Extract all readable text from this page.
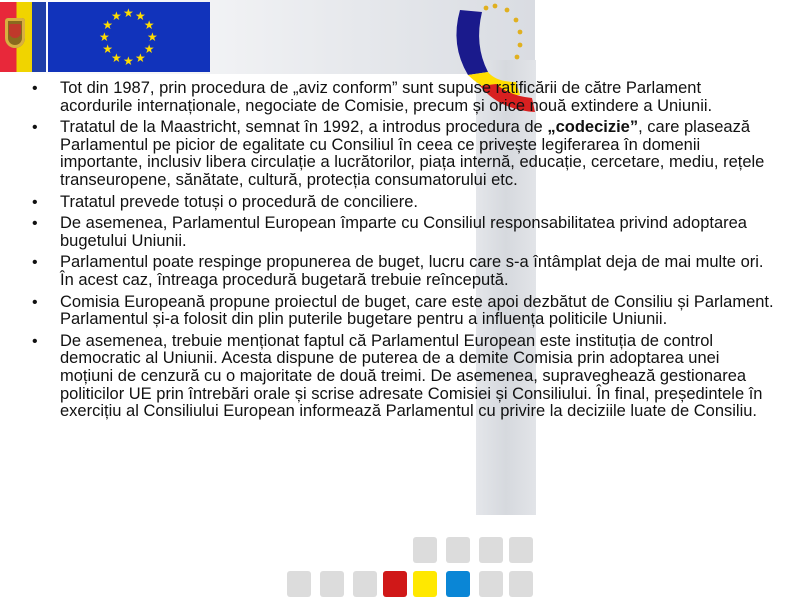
★ ★
★
★
★
★
★
★
★
★
★
★
• Tot din 1987, prin procedura de „aviz conform” sunt supuse ratificării de către Parlament acordurile internaționale, negociate de Comisie, precum și orice nouă extindere a Uniunii.
• Tratatul de la Maastricht, semnat în 1992, a introdus procedura de „codecizie”, care plasează Parlamentul pe picior de egalitate cu Consiliul în ceea ce privește legiferarea în domenii importante, inclusiv libera circulație a lucrătorilor, piața internă, educație, cercetare, mediu, rețele transeuropene, sănătate, cultură, protecția consumatorului etc.
• Tratatul prevede totuși o procedură de conciliere.
• De asemenea, Parlamentul European împarte cu Consiliul responsabilitatea privind adoptarea bugetului Uniunii.
• Parlamentul poate respinge propunerea de buget, lucru care s-a întâmplat deja de mai multe ori. În acest caz, întreaga procedură bugetară trebuie reîncepută.
• Comisia Europeană propune proiectul de buget, care este apoi dezbătut de Consiliu și Parlament. Parlamentul și-a folosit din plin puterile bugetare pentru a influența politicile Uniunii.
• De asemenea, trebuie menționat faptul că Parlamentul European este instituția de control democratic al Uniunii. Acesta dispune de puterea de a demite Comisia prin adoptarea unei moțiuni de cenzură cu o majoritate de două treimi. De asemenea, supraveghează gestionarea politicilor UE prin întrebări orale și scrise adresate Comisiei și Consiliului. În final, președintele în exercițiu al Consiliului European informează Parlamentul cu privire la deciziile luate de Consiliu.
